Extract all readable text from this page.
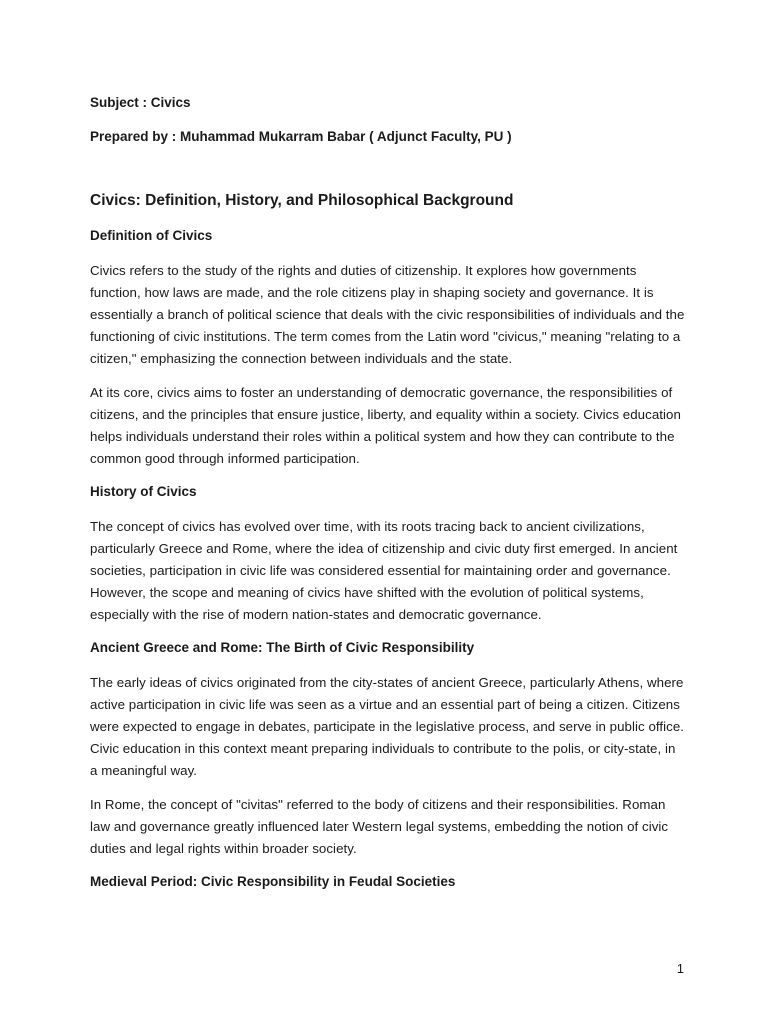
Subject : Civics

Prepared by : Muhammad Mukarram Babar ( Adjunct Faculty, PU )

Civics: Definition, History, and Philosophical Background
Definition of Civics

Civics refers to the study of the rights and duties of citizenship. It explores how governments function, how laws are made, and the role citizens play in shaping society and governance. It is essentially a branch of political science that deals with the civic responsibilities of individuals and the functioning of civic institutions. The term comes from the Latin word "civicus," meaning "relating to a citizen," emphasizing the connection between individuals and the state.

At its core, civics aims to foster an understanding of democratic governance, the responsibilities of citizens, and the principles that ensure justice, liberty, and equality within a society. Civics education helps individuals understand their roles within a political system and how they can contribute to the common good through informed participation.

History of Civics

The concept of civics has evolved over time, with its roots tracing back to ancient civilizations, particularly Greece and Rome, where the idea of citizenship and civic duty first emerged. In ancient societies, participation in civic life was considered essential for maintaining order and governance. However, the scope and meaning of civics have shifted with the evolution of political systems, especially with the rise of modern nation-states and democratic governance.

Ancient Greece and Rome: The Birth of Civic Responsibility

The early ideas of civics originated from the city-states of ancient Greece, particularly Athens, where active participation in civic life was seen as a virtue and an essential part of being a citizen. Citizens were expected to engage in debates, participate in the legislative process, and serve in public office. Civic education in this context meant preparing individuals to contribute to the polis, or city-state, in a meaningful way.

In Rome, the concept of "civitas" referred to the body of citizens and their responsibilities. Roman law and governance greatly influenced later Western legal systems, embedding the notion of civic duties and legal rights within broader society.

Medieval Period: Civic Responsibility in Feudal Societies
1
